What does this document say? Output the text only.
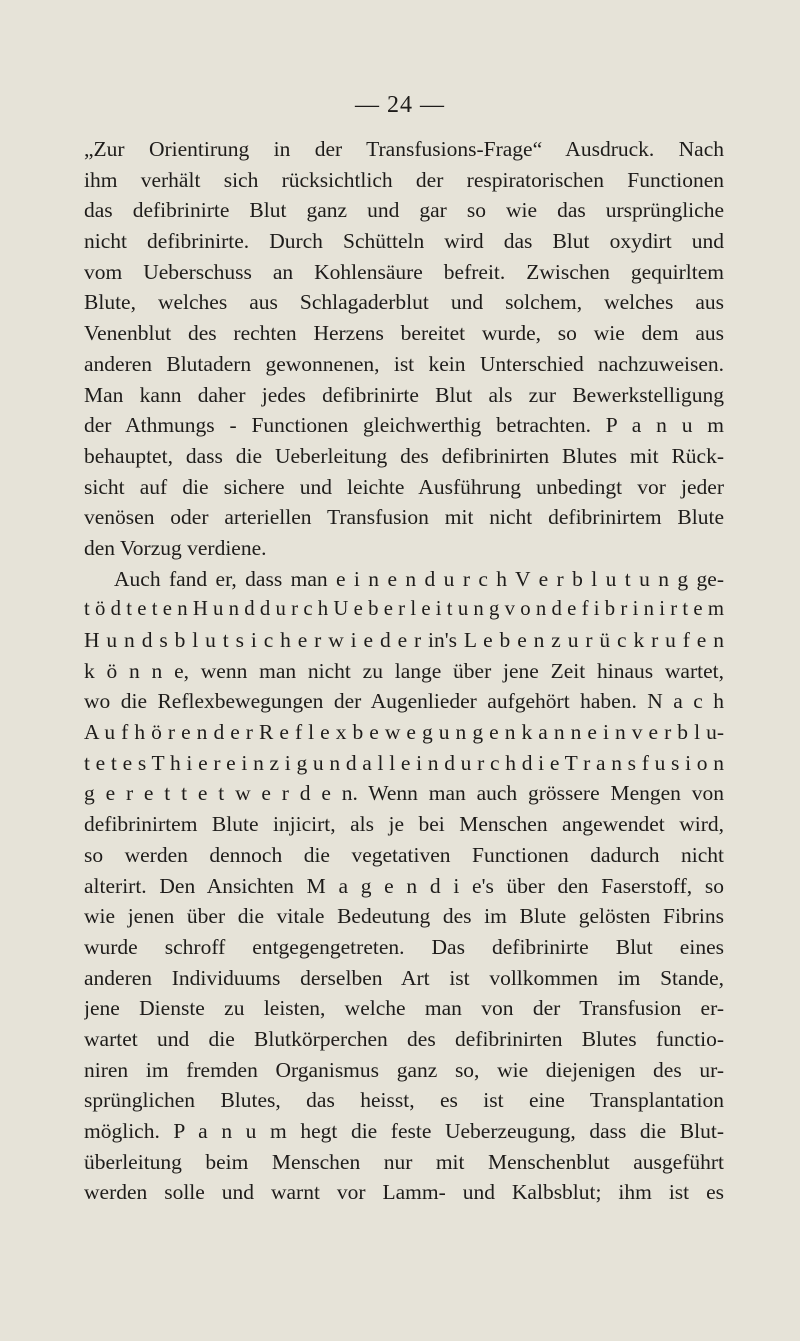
— 24 —
„Zur Orientirung in der Transfusions-Frage“ Ausdruck. Nach
ihm verhält sich rücksichtlich der respiratorischen Functionen
das defibrinirte Blut ganz und gar so wie das ursprüngliche
nicht defibrinirte. Durch Schütteln wird das Blut oxydirt und
vom Ueberschuss an Kohlensäure befreit. Zwischen gequirltem
Blute, welches aus Schlagaderblut und solchem, welches aus
Venenblut des rechten Herzens bereitet wurde, so wie dem aus
anderen Blutadern gewonnenen, ist kein Unterschied nachzuweisen.
Man kann daher jedes defibrinirte Blut als zur Bewerkstelligung
der Athmungs - Functionen gleichwerthig betrachten. P a n u m
behauptet, dass die Ueberleitung des defibrinirten Blutes mit Rück-
sicht auf die sichere und leichte Ausführung unbedingt vor jeder
venösen oder arteriellen Transfusion mit nicht defibrinirtem Blute
den Vorzug verdiene.
Auch fand er, dass man e i n e n d u r c h V e r b l u t u n g ge-
t ö d t e t e n H u n d d u r c h U e b e r l e i t u n g v o n d e f i b r i n i r t e m
H u n d s b l u t s i c h e r w i e d e r in's L e b e n z u r ü c k r u f e n
k ö n n e, wenn man nicht zu lange über jene Zeit hinaus wartet,
wo die Reflexbewegungen der Augenlieder aufgehört haben. N a c h
A u f h ö r e n d e r R e f l e x b e w e g u n g e n k a n n e i n v e r b l u-
t e t e s T h i e r e i n z i g u n d a l l e i n d u r c h d i e T r a n s f u s i o n
g e r e t t e t w e r d e n. Wenn man auch grössere Mengen von
defibrinirtem Blute injicirt, als je bei Menschen angewendet wird,
so werden dennoch die vegetativen Functionen dadurch nicht
alterirt. Den Ansichten M a g e n d i e's über den Faserstoff, so
wie jenen über die vitale Bedeutung des im Blute gelösten Fibrins
wurde schroff entgegengetreten. Das defibrinirte Blut eines
anderen Individuums derselben Art ist vollkommen im Stande,
jene Dienste zu leisten, welche man von der Transfusion er-
wartet und die Blutkörperchen des defibrinirten Blutes functio-
niren im fremden Organismus ganz so, wie diejenigen des ur-
sprünglichen Blutes, das heisst, es ist eine Transplantation
möglich. P a n u m hegt die feste Ueberzeugung, dass die Blut-
überleitung beim Menschen nur mit Menschenblut ausgeführt
werden solle und warnt vor Lamm- und Kalbsblut; ihm ist es
